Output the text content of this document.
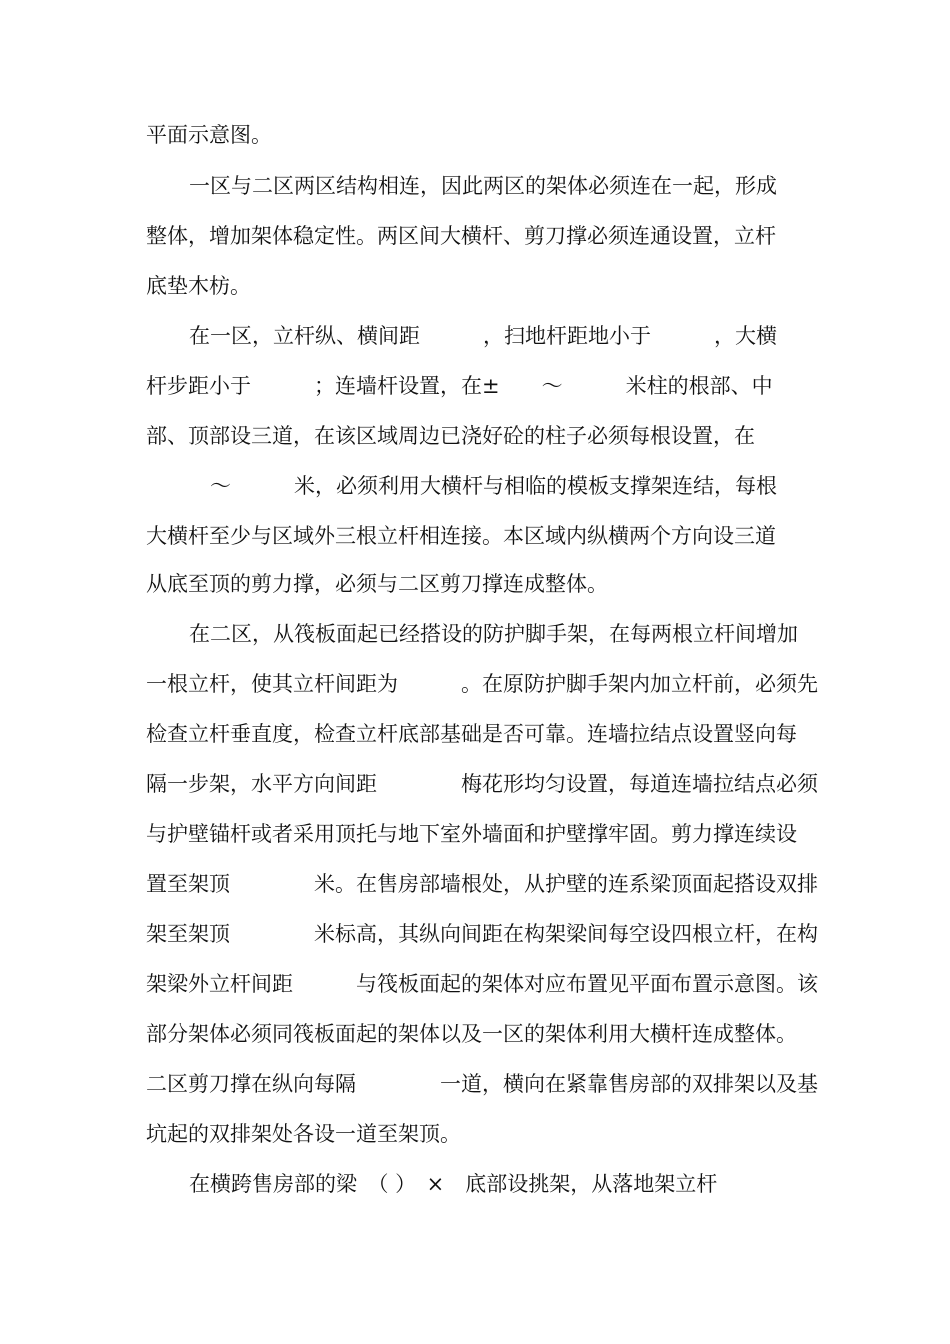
平面示意图。

一区与二区两区结构相连，因此两区的架体必须连在一起，形成

整体，增加架体稳定性。两区间大横杆、剪刀撑必须连通设置，立杆

底垫木枋。

在一区，立杆纵、横间距　　　，扫地杆距地小于　　　，大横

杆步距小于　　　；连墙杆设置，在±　　～　　　米柱的根部、中

部、顶部设三道，在该区域周边已浇好砼的柱子必须每根设置，在

～　　　米，必须利用大横杆与相临的模板支撑架连结，每根

大横杆至少与区域外三根立杆相连接。本区域内纵横两个方向设三道

从底至顶的剪力撑，必须与二区剪刀撑连成整体。

在二区，从筏板面起已经搭设的防护脚手架，在每两根立杆间增加

一根立杆，使其立杆间距为　　　。在原防护脚手架内加立杆前，必须先

检查立杆垂直度，检查立杆底部基础是否可靠。连墙拉结点设置竖向每

隔一步架，水平方向间距　　　　梅花形均匀设置，每道连墙拉结点必须

与护壁锚杆或者采用顶托与地下室外墙面和护壁撑牢固。剪力撑连续设

置至架顶　　　　米。在售房部墙根处，从护壁的连系梁顶面起搭设双排

架至架顶　　　　米标高，其纵向间距在构架梁间每空设四根立杆，在构

架梁外立杆间距　　　与筏板面起的架体对应布置见平面布置示意图。该

部分架体必须同筏板面起的架体以及一区的架体利用大横杆连成整体。

二区剪刀撑在纵向每隔　　　　一道，横向在紧靠售房部的双排架以及基

坑起的双排架处各设一道至架顶。

在横跨售房部的梁　（ ）　×　底部设挑架，从落地架立杆
